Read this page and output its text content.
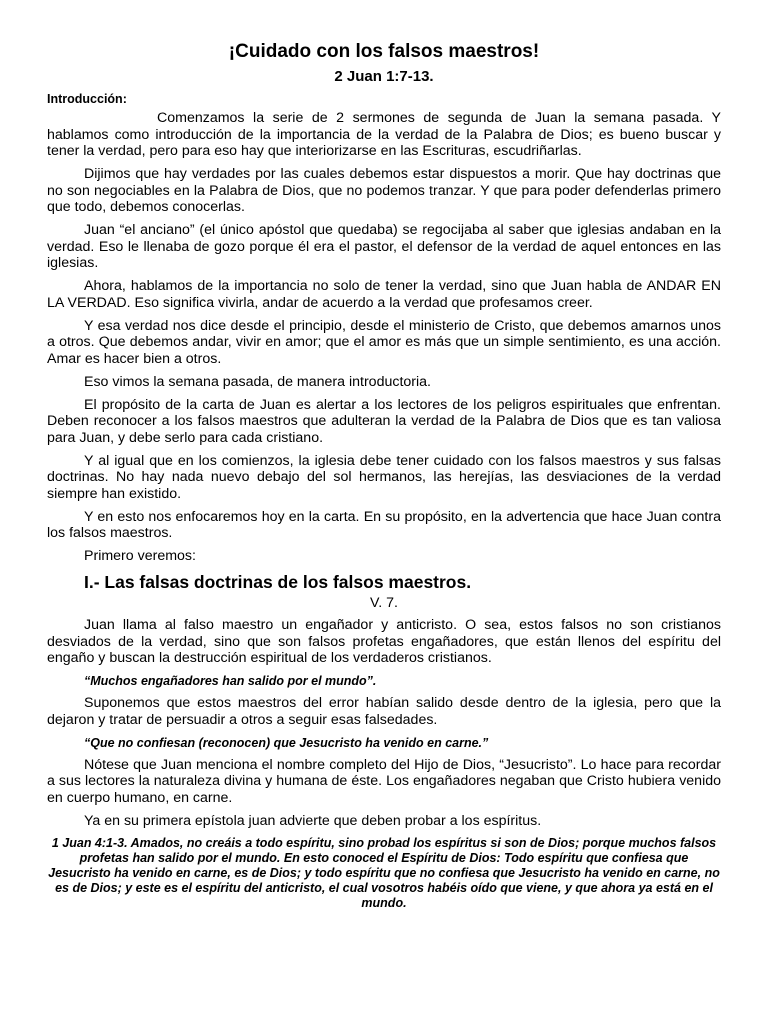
¡Cuidado con los falsos maestros!
2 Juan 1:7-13.
Introducción:

Comenzamos la serie de 2 sermones de segunda de Juan la semana pasada. Y hablamos como introducción de la importancia de la verdad de la Palabra de Dios; es bueno buscar y tener la verdad, pero para eso hay que interiorizarse en las Escrituras, escudriñarlas.

Dijimos que hay verdades por las cuales debemos estar dispuestos a morir. Que hay doctrinas que no son negociables en la Palabra de Dios, que no podemos tranzar. Y que para poder defenderlas primero que todo, debemos conocerlas.

Juan “el anciano” (el único apóstol que quedaba) se regocijaba al saber que iglesias andaban en la verdad. Eso le llenaba de gozo porque él era el pastor, el defensor de la verdad de aquel entonces en las iglesias.

Ahora, hablamos de la importancia no solo de tener la verdad, sino que Juan habla de ANDAR EN LA VERDAD. Eso significa vivirla, andar de acuerdo a la verdad que profesamos creer.

Y esa verdad nos dice desde el principio, desde el ministerio de Cristo, que debemos amarnos unos a otros. Que debemos andar, vivir en amor; que el amor es más que un simple sentimiento, es una acción. Amar es hacer bien a otros.

Eso vimos la semana pasada, de manera introductoria.

El propósito de la carta de Juan es alertar a los lectores de los peligros espirituales que enfrentan. Deben reconocer a los falsos maestros que adulteran la verdad de la Palabra de Dios que es tan valiosa para Juan, y debe serlo para cada cristiano.

Y al igual que en los comienzos, la iglesia debe tener cuidado con los falsos maestros y sus falsas doctrinas. No hay nada nuevo debajo del sol hermanos, las herejías, las desviaciones de la verdad siempre han existido.

Y en esto nos enfocaremos hoy en la carta. En su propósito, en la advertencia que hace Juan contra los falsos maestros.

Primero veremos:

I.- Las falsas doctrinas de los falsos maestros.
V. 7.

Juan llama al falso maestro un engañador y anticristo. O sea, estos falsos no son cristianos desviados de la verdad, sino que son falsos profetas engañadores, que están llenos del espíritu del engaño y buscan la destrucción espiritual de los verdaderos cristianos.

“Muchos engañadores han salido por el mundo”.

Suponemos que estos maestros del error habían salido desde dentro de la iglesia, pero que la dejaron y tratar de persuadir a otros a seguir esas falsedades.

“Que no confiesan (reconocen) que Jesucristo ha venido en carne.”

Nótese que Juan menciona el nombre completo del Hijo de Dios, “Jesucristo”. Lo hace para recordar a sus lectores la naturaleza divina y humana de éste. Los engañadores negaban que Cristo hubiera venido en cuerpo humano, en carne.

Ya en su primera epístola juan advierte que deben probar a los espíritus.

1 Juan 4:1-3. Amados, no creáis a todo espíritu, sino probad los espíritus si son de Dios; porque muchos falsos profetas han salido por el mundo. En esto conoced el Espíritu de Dios: Todo espíritu que confiesa que Jesucristo ha venido en carne, es de Dios; y todo espíritu que no confiesa que Jesucristo ha venido en carne, no es de Dios; y este es el espíritu del anticristo, el cual vosotros habéis oído que viene, y que ahora ya está en el mundo.
